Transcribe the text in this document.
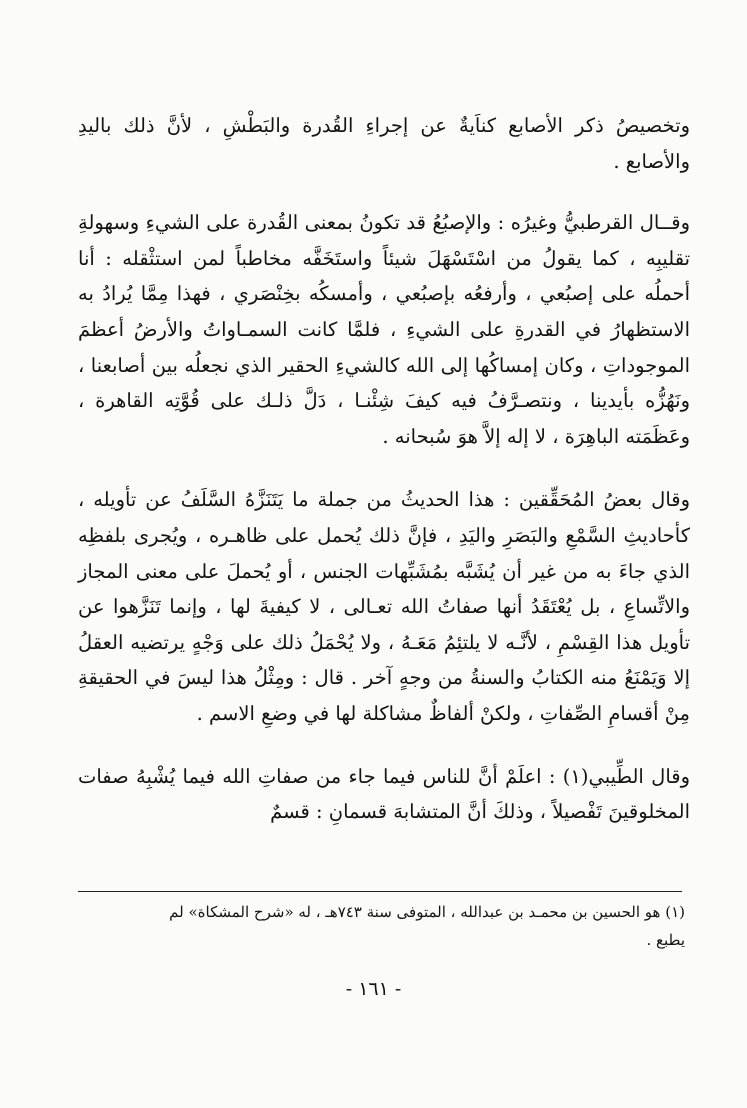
وتخصيصُ ذكر الأصابع كناَيةٌ عن إجراءِ القُدرة والبَطْشِ ، لأنَّ ذلك باليدِ والأصابع .

وقــال القرطبيُّ وغيرُه : والإصبُعُ قد تكونُ بمعنى القُدرة على الشيءِ وسهولةِ تقليبِه ، كما يقولُ من اسْتَسْهَلَ شيئاً واستَخَفَّه مخاطباً لمن استثْقله : أنا أحملُه على إصبُعي ، وأرفعُه بإصبُعي ، وأمسكُه بخِنْصَري ، فهذا مِمَّا يُرادُ به الاستظهارُ في القدرةِ على الشيءِ ، فلمَّا كانت السمـاواتُ والأرضُ أعظمَ الموجوداتِ ، وكان إمساكُها إلى الله كالشيءِ الحقير الذي نجعلُه بين أصابعنا ، ونَهُزُّه بأيدينا ، ونتصـرَّفُ فيه كيفَ شِئْنـا ، دَلَّ ذلـك على قُوَّتِه القاهرة ، وعَظَمَته الباهِرَة ، لا إله إلاَّ هوَ سُبحانه .

وقال بعضُ المُحَقِّقين : هذا الحديثُ من جملة ما يَتَنَزَّهُ السَّلَفُ عن تأويله ، كأحاديثِ السَّمْعِ والبَصَرِ واليَدِ ، فإنَّ ذلك يُحمل على ظاهـره ، ويُجرى بلفظِه الذي جاءَ به من غير أن يُشَبَّه بمُشَبِّهات الجنس ، أو يُحملَ على معنى المجاز والاتِّساعِ ، بل يُعْتَقَدُ أنها صفاتُ الله تعـالى ، لا كيفيةَ لها ، وإنما تَنَزَّهوا عن تأويل هذا القِسْمِ ، لأنَّـه لا يلتئِمُ مَعَـهُ ، ولا يُحْمَلُ ذلك على وَجْهٍ يرتضيه العقلُ إلا وَيَمْنَعُ منه الكتابُ والسنةُ من وجهٍ آخر . قال : ومِثْلُ هذا ليسَ في الحقيقةِ مِنْ أقسامِ الصِّفاتِ ، ولكنْ ألفاظٌ مشاكلة لها في وضعِ الاسم .

وقال الطِّيبي(١) : اعلَمْ أنَّ للناس فيما جاء من صفاتِ الله فيما يُشْبِهُ صفات المخلوقينَ تَفْصيلاً ، وذلكَ أنَّ المتشابهَ قسمانِ : قسمٌ

(١) هو الحسين بن محمـد بن عبدالله ، المتوفى سنة ٧٤٣هـ ، له «شرح المشكاة» لم يطبع .

- ١٦١ -
